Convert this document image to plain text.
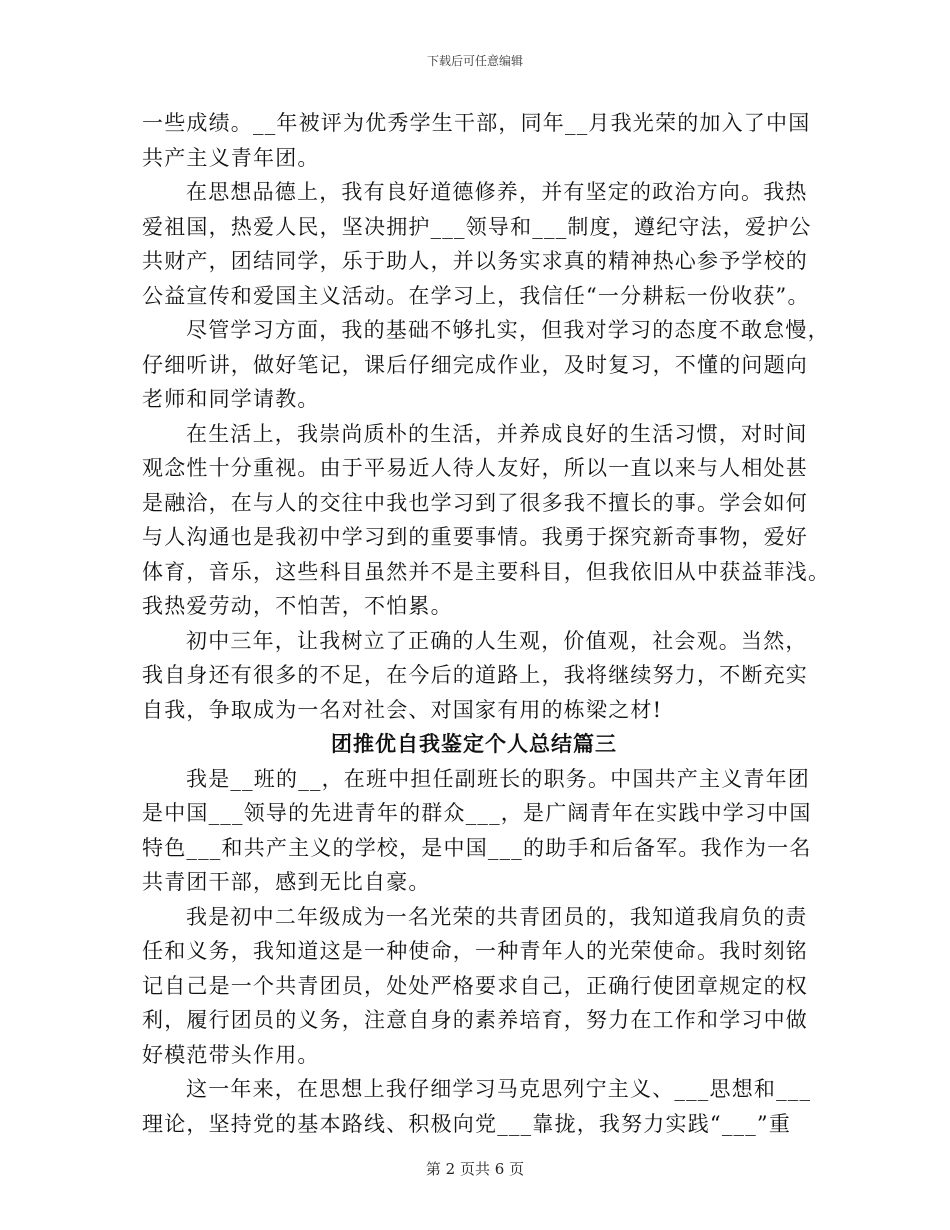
下载后可任意编辑
一些成绩。__年被评为优秀学生干部，同年__月我光荣的加入了中国
共产主义青年团。
在思想品德上，我有良好道德修养，并有坚定的政治方向。我热
爱祖国，热爱人民，坚决拥护___领导和___制度，遵纪守法，爱护公
共财产，团结同学，乐于助人，并以务实求真的精神热心参予学校的
公益宣传和爱国主义活动。在学习上，我信任“一分耕耘一份收获”。
尽管学习方面，我的基础不够扎实，但我对学习的态度不敢怠慢，
仔细听讲，做好笔记，课后仔细完成作业，及时复习，不懂的问题向
老师和同学请教。
在生活上，我崇尚质朴的生活，并养成良好的生活习惯，对时间
观念性十分重视。由于平易近人待人友好，所以一直以来与人相处甚
是融洽，在与人的交往中我也学习到了很多我不擅长的事。学会如何
与人沟通也是我初中学习到的重要事情。我勇于探究新奇事物，爱好
体育，音乐，这些科目虽然并不是主要科目，但我依旧从中获益菲浅。
我热爱劳动，不怕苦，不怕累。
初中三年，让我树立了正确的人生观，价值观，社会观。当然，
我自身还有很多的不足，在今后的道路上，我将继续努力，不断充实
自我，争取成为一名对社会、对国家有用的栋梁之材!
团推优自我鉴定个人总结篇三
我是__班的__，在班中担任副班长的职务。中国共产主义青年团
是中国___领导的先进青年的群众___，是广阔青年在实践中学习中国
特色___和共产主义的学校，是中国___的助手和后备军。我作为一名
共青团干部，感到无比自豪。
我是初中二年级成为一名光荣的共青团员的，我知道我肩负的责
任和义务，我知道这是一种使命，一种青年人的光荣使命。我时刻铭
记自己是一个共青团员，处处严格要求自己，正确行使团章规定的权
利，履行团员的义务，注意自身的素养培育，努力在工作和学习中做
好模范带头作用。
这一年来，在思想上我仔细学习马克思列宁主义、___思想和___
理论，坚持党的基本路线、积极向党___靠拢，我努力实践“___”重
第 2 页共 6 页
